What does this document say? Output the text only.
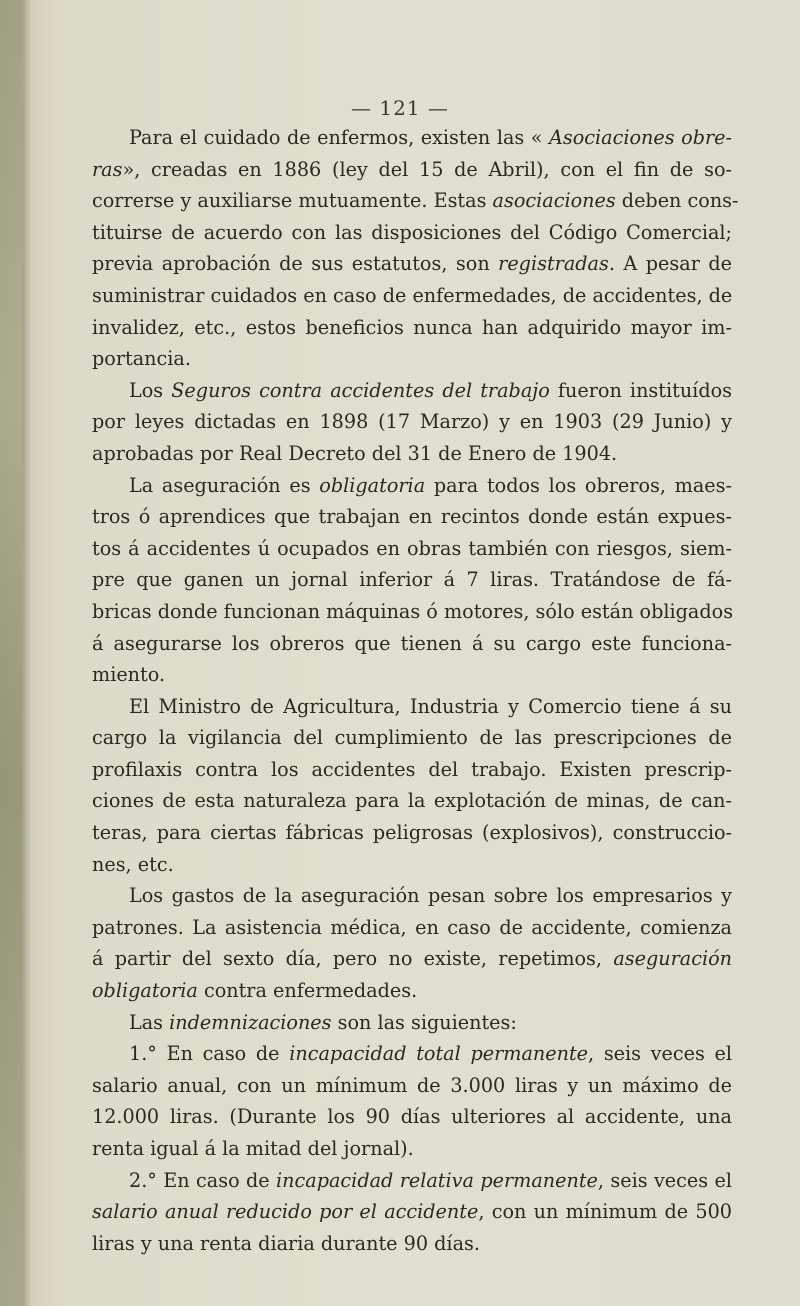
— 121 —

Para el cuidado de enfermos, existen las « Asociaciones obre-
ras», creadas en 1886 (ley del 15 de Abril), con el fin de so-
correrse y auxiliarse mutuamente. Estas asociaciones deben cons-
tituirse de acuerdo con las disposiciones del Código Comercial;
previa aprobación de sus estatutos, son registradas. A pesar de
suministrar cuidados en caso de enfermedades, de accidentes, de
invalidez, etc., estos beneficios nunca han adquirido mayor im-
portancia.

Los Seguros contra accidentes del trabajo fueron instituídos
por leyes dictadas en 1898 (17 Marzo) y en 1903 (29 Junio) y
aprobadas por Real Decreto del 31 de Enero de 1904.

La aseguración es obligatoria para todos los obreros, maes-
tros ó aprendices que trabajan en recintos donde están expues-
tos á accidentes ú ocupados en obras también con riesgos, siem-
pre que ganen un jornal inferior á 7 liras. Tratándose de fá-
bricas donde funcionan máquinas ó motores, sólo están obligados
á asegurarse los obreros que tienen á su cargo este funciona-
miento.

El Ministro de Agricultura, Industria y Comercio tiene á su
cargo la vigilancia del cumplimiento de las prescripciones de
profilaxis contra los accidentes del trabajo. Existen prescrip-
ciones de esta naturaleza para la explotación de minas, de can-
teras, para ciertas fábricas peligrosas (explosivos), construccio-
nes, etc.

Los gastos de la aseguración pesan sobre los empresarios y
patrones. La asistencia médica, en caso de accidente, comienza
á partir del sexto día, pero no existe, repetimos, aseguración
obligatoria contra enfermedades.

Las indemnizaciones son las siguientes:

1.° En caso de incapacidad total permanente, seis veces el
salario anual, con un mínimum de 3.000 liras y un máximo de
12.000 liras. (Durante los 90 días ulteriores al accidente, una
renta igual á la mitad del jornal).

2.° En caso de incapacidad relativa permanente, seis veces el
salario anual reducido por el accidente, con un mínimum de 500
liras y una renta diaria durante 90 días.
